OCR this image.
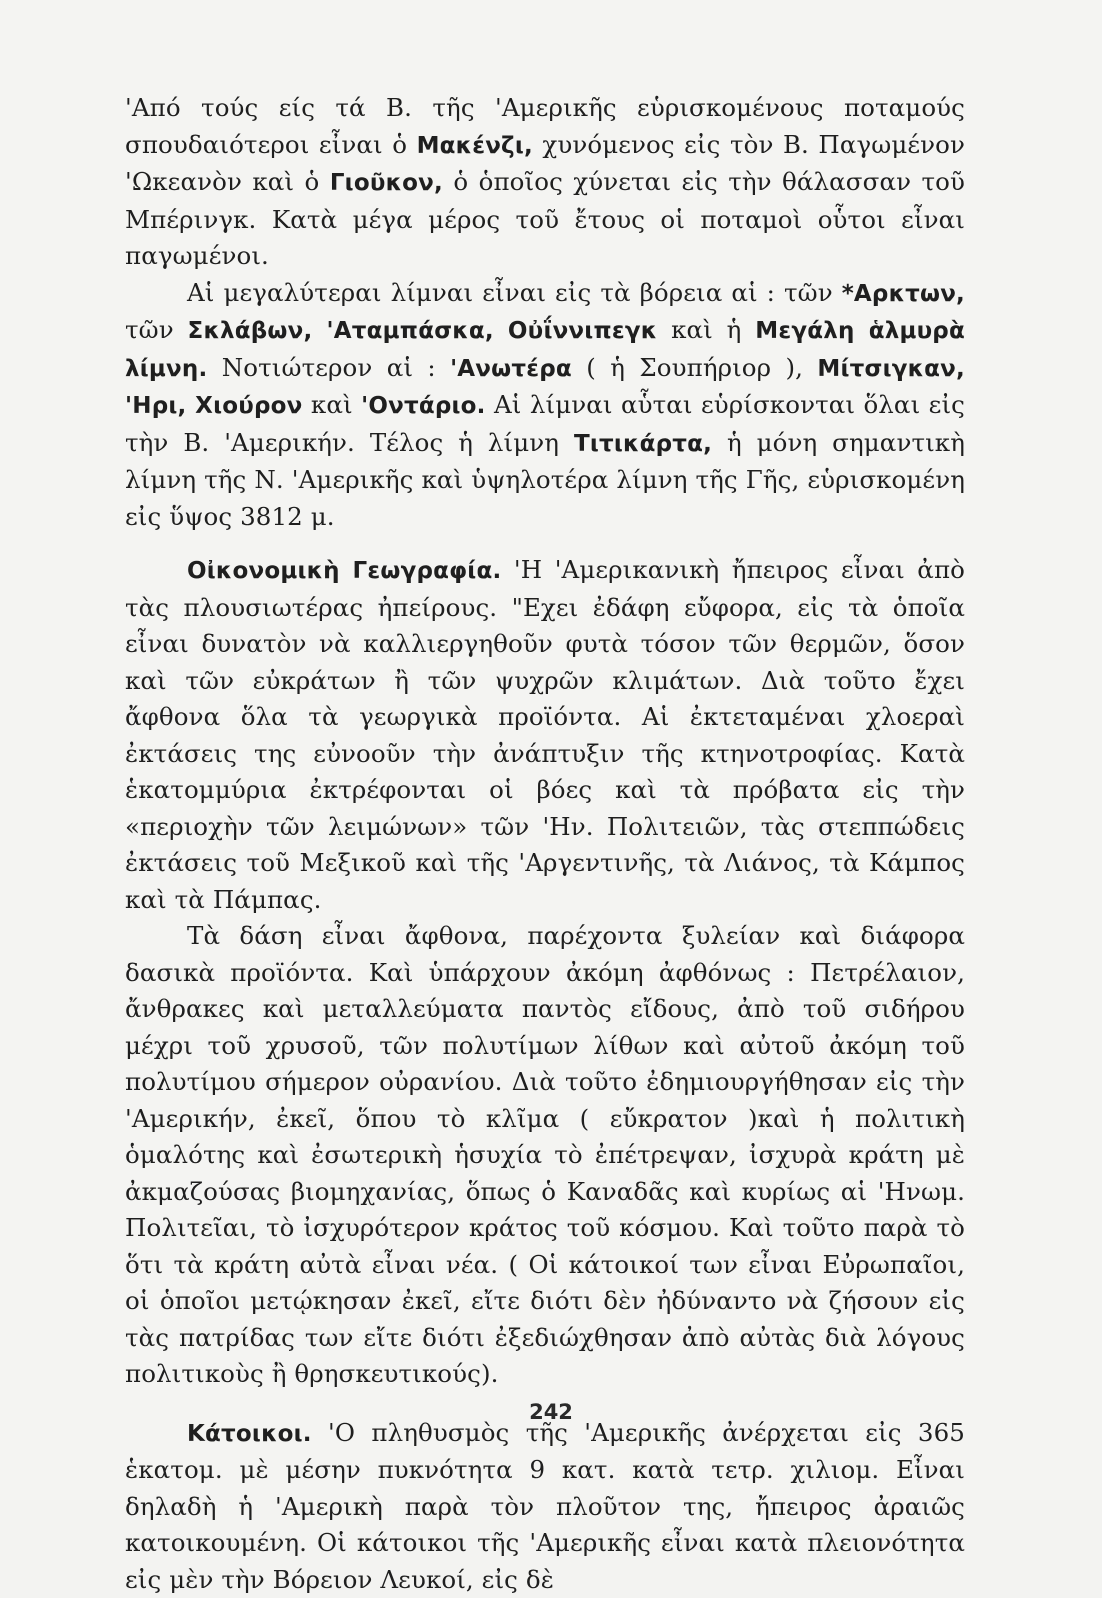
'Από τούς είς τά Β. τῆς 'Αμερικῆς εὑρισκομένους ποταμούς σπουδαιότεροι εἶναι ὁ Μακένζι, χυνόμενος εἰς τὸν Β. Παγωμένον 'Ωκεανὸν καὶ ὁ Γιοῦκον, ὁ ὁποῖος χύνεται εἰς τὴν θάλασσαν τοῦ Μπέρινγκ. Κατὰ μέγα μέρος τοῦ ἔτους οἱ ποταμοὶ οὗτοι εἶναι παγωμένοι.

Αἱ μεγαλύτεραι λίμναι εἶναι εἰς τὰ βόρεια αἱ : τῶν *Αρκτων, τῶν Σκλάβων, 'Αταμπάσκα, Οὐΐννιπεγκ καὶ ἡ Μεγάλη ἁλμυρὰ λίμνη. Νοτιώτερον αἱ : 'Ανωτέρα ( ἡ Σουπήριορ ), Μίτσιγκαν, 'Ηρι, Χιούρον καὶ 'Οντάριο. Αἱ λίμναι αὗται εὑρίσκονται ὅλαι εἰς τὴν Β. 'Αμερικήν. Τέλος ἡ λίμνη Τιτικάρτα, ἡ μόνη σημαντικὴ λίμνη τῆς Ν. 'Αμερικῆς καὶ ὑψηλοτέρα λίμνη τῆς Γῆς, εὑρισκομένη εἰς ὕψος 3812 μ.

Οἰκονομικὴ Γεωγραφία. 'Η 'Αμερικανικὴ ἤπειρος εἶναι ἀπὸ τὰς πλουσιωτέρας ἠπείρους. "Εχει ἐδάφη εὔφορα, εἰς τὰ ὁποῖα εἶναι δυνατὸν νὰ καλλιεργηθοῦν φυτὰ τόσον τῶν θερμῶν, ὅσον καὶ τῶν εὐκράτων ἢ τῶν ψυχρῶν κλιμάτων. Διὰ τοῦτο ἔχει ἄφθονα ὅλα τὰ γεωργικὰ προϊόντα. Αἱ ἐκτεταμέναι χλοεραὶ ἐκτάσεις της εὐνοοῦν τὴν ἀνάπτυξιν τῆς κτηνοτροφίας. Κατὰ ἑκατομμύρια ἐκτρέφονται οἱ βόες καὶ τὰ πρόβατα εἰς τὴν «περιοχὴν τῶν λειμώνων» τῶν 'Ην. Πολιτειῶν, τὰς στεππώδεις ἐκτάσεις τοῦ Μεξικοῦ καὶ τῆς 'Αργεντινῆς, τὰ Λιάνος, τὰ Κάμπος καὶ τὰ Πάμπας.

Τὰ δάση εἶναι ἄφθονα, παρέχοντα ξυλείαν καὶ διάφορα δασικὰ προϊόντα. Καὶ ὑπάρχουν ἀκόμη ἀφθόνως : Πετρέλαιον, ἄνθρακες καὶ μεταλλεύματα παντὸς εἴδους, ἀπὸ τοῦ σιδήρου μέχρι τοῦ χρυσοῦ, τῶν πολυτίμων λίθων καὶ αὐτοῦ ἀκόμη τοῦ πολυτίμου σήμερον οὐρανίου. Διὰ τοῦτο ἐδημιουργήθησαν εἰς τὴν 'Αμερικήν, ἐκεῖ, ὅπου τὸ κλῖμα ( εὔκρατον )καὶ ἡ πολιτικὴ ὁμαλότης καὶ ἐσωτερικὴ ἡσυχία τὸ ἐπέτρεψαν, ἰσχυρὰ κράτη μὲ ἀκμαζούσας βιομηχανίας, ὅπως ὁ Καναδᾶς καὶ κυρίως αἱ 'Ηνωμ. Πολιτεῖαι, τὸ ἰσχυρότερον κράτος τοῦ κόσμου. Καὶ τοῦτο παρὰ τὸ ὅτι τὰ κράτη αὐτὰ εἶναι νέα. ( Οἱ κάτοικοί των εἶναι Εὐρωπαῖοι, οἱ ὁποῖοι μετῴκησαν ἐκεῖ, εἴτε διότι δὲν ἠδύναντο νὰ ζήσουν εἰς τὰς πατρίδας των εἴτε διότι ἐξεδιώχθησαν ἀπὸ αὐτὰς διὰ λόγους πολιτικοὺς ἢ θρησκευτικούς).

Κάτοικοι. 'Ο πληθυσμὸς τῆς 'Αμερικῆς ἀνέρχεται εἰς 365 ἑκατομ. μὲ μέσην πυκνότητα 9 κατ. κατὰ τετρ. χιλιομ. Εἶναι δηλαδὴ ἡ 'Αμερικὴ παρὰ τὸν πλοῦτον της, ἤπειρος ἀραιῶς κατοικουμένη. Οἱ κάτοικοι τῆς 'Αμερικῆς εἶναι κατὰ πλειονότητα εἰς μὲν τὴν Βόρειον Λευκοί, εἰς δὲ

242
